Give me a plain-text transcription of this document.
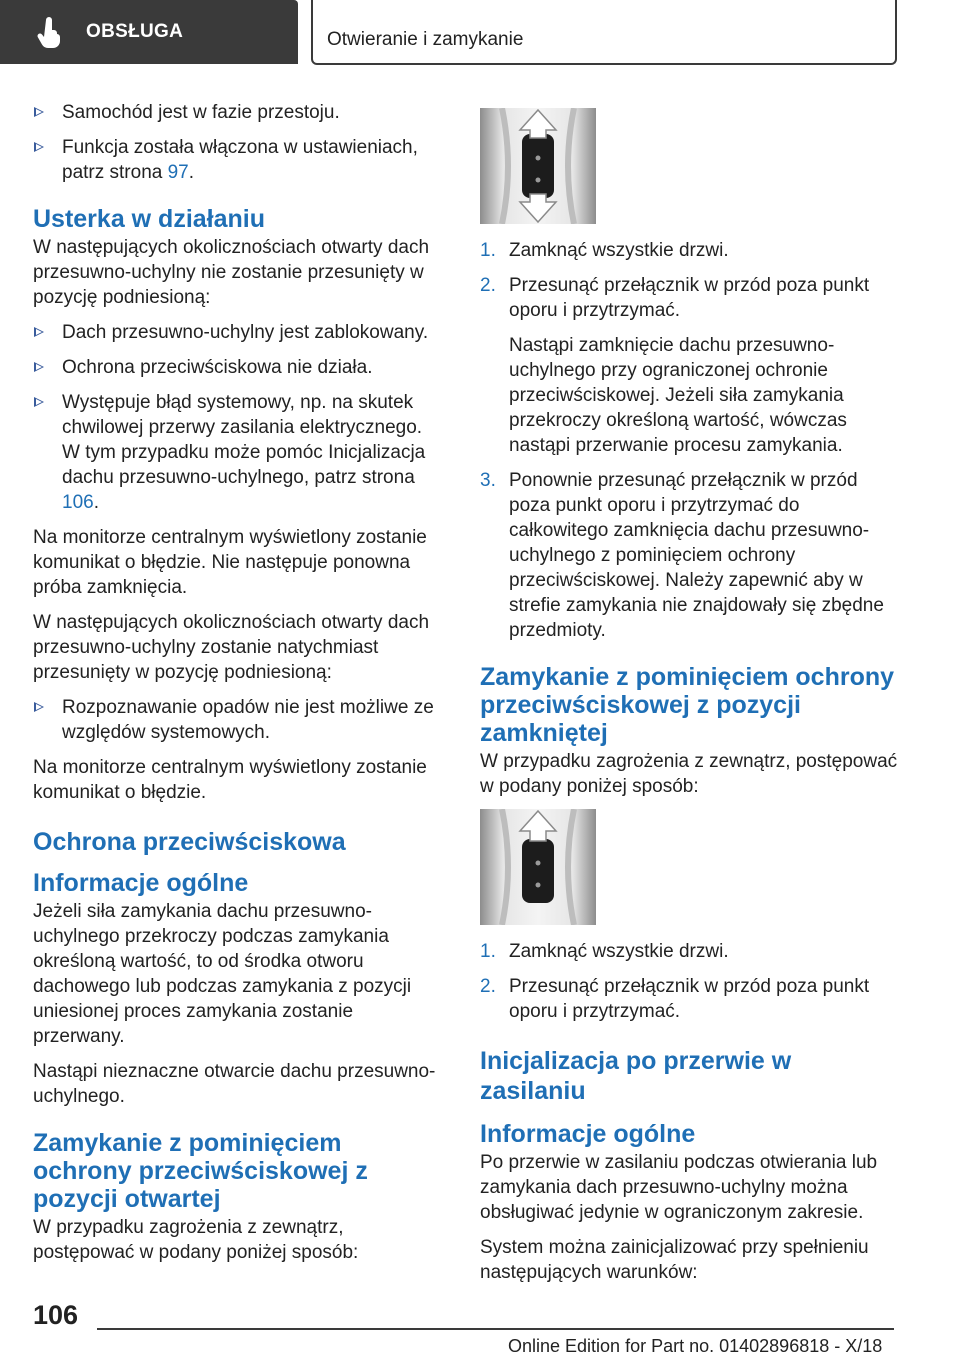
OBSŁUGA	Otwieranie i zamykanie
Samochód jest w fazie przestoju.
Funkcja została włączona w ustawieniach, patrz strona 97.
Usterka w działaniu

W następujących okolicznościach otwarty dach przesuwno-uchylny nie zostanie przesunięty w pozycję podniesioną:

Dach przesuwno-uchylny jest zablokowany.
Ochrona przeciwściskowa nie działa.
Występuje błąd systemowy, np. na skutek chwilowej przerwy zasilania elektrycznego. W tym przypadku może pomóc Inicjalizacja dachu przesuwno-uchylnego, patrz strona 106.

Na monitorze centralnym wyświetlony zostanie komunikat o błędzie. Nie następuje ponowna próba zamknięcia.

W następujących okolicznościach otwarty dach przesuwno-uchylny zostanie natychmiast przesunięty w pozycję podniesioną:

Rozpoznawanie opadów nie jest możliwe ze względów systemowych.

Na monitorze centralnym wyświetlony zostanie komunikat o błędzie.

Ochrona przeciwściskowa
Informacje ogólne

Jeżeli siła zamykania dachu przesuwno-uchylnego przekroczy podczas zamykania określoną wartość, to od środka otworu dachowego lub podczas zamykania z pozycji uniesionej proces zamykania zostanie przerwany.

Nastąpi nieznaczne otwarcie dachu przesuwno-uchylnego.

Zamykanie z pominięciem ochrony przeciwściskowej z pozycji otwartej

W przypadku zagrożenia z zewnątrz, postępować w podany poniżej sposób:

1. Zamknąć wszystkie drzwi.
2. Przesunąć przełącznik w przód poza punkt oporu i przytrzymać.
Nastąpi zamknięcie dachu przesuwno-uchylnego przy ograniczonej ochronie przeciwściskowej. Jeżeli siła zamykania przekroczy określoną wartość, wówczas nastąpi przerwanie procesu zamykania.
3. Ponownie przesunąć przełącznik w przód poza punkt oporu i przytrzymać do całkowitego zamknięcia dachu przesuwno-uchylnego z pominięciem ochrony przeciwściskowej. Należy zapewnić aby w strefie zamykania nie znajdowały się zbędne przedmioty.
Zamykanie z pominięciem ochrony przeciwściskowej z pozycji zamkniętej

W przypadku zagrożenia z zewnątrz, postępować w podany poniżej sposób:

1. Zamknąć wszystkie drzwi.
2. Przesunąć przełącznik w przód poza punkt oporu i przytrzymać.
Inicjalizacja po przerwie w zasilaniu
Informacje ogólne

Po przerwie w zasilaniu podczas otwierania lub zamykania dach przesuwno-uchylny można obsługiwać jedynie w ograniczonym zakresie.

System można zainicjalizować przy spełnieniu następujących warunków:

106
Online Edition for Part no. 01402896818 - X/18
